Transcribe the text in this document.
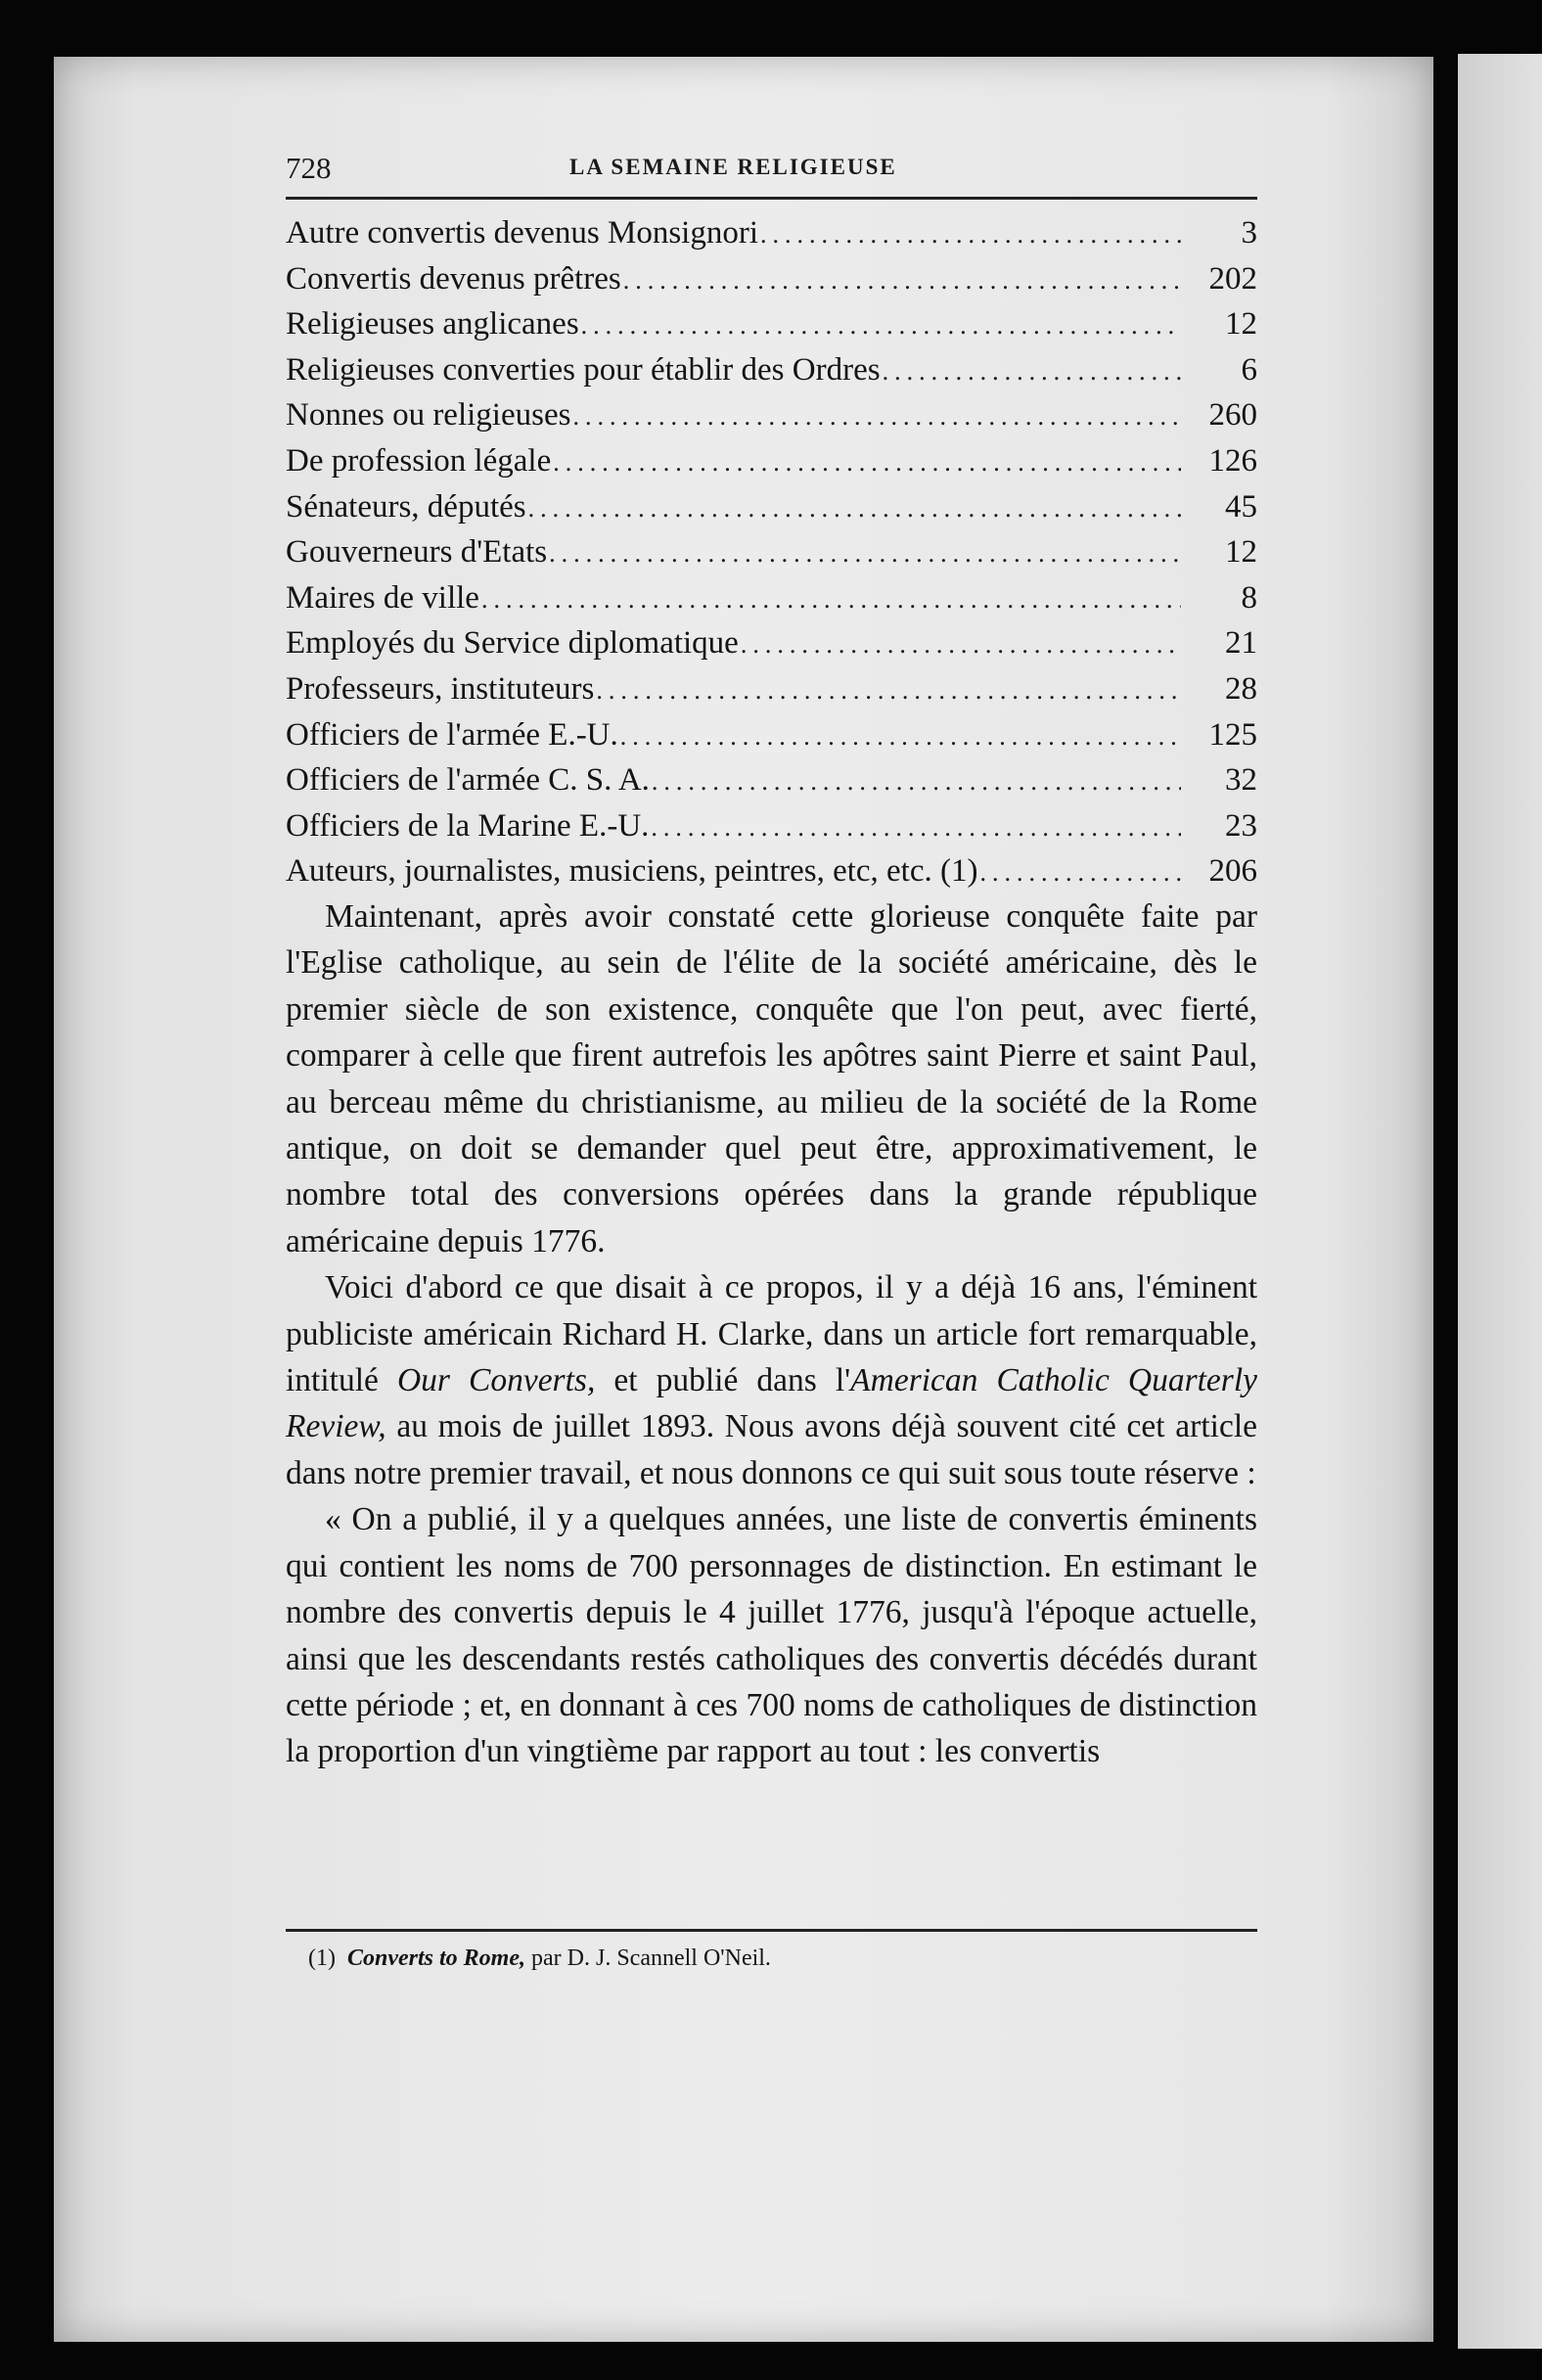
728	LA SEMAINE RELIGIEUSE
Autre convertis devenus Monsignori .....	3
Convertis devenus prêtres .....	202
Religieuses anglicanes .....	12
Religieuses converties pour établir des Ordres .....	6
Nonnes ou religieuses .....	260
De profession légale .....	126
Sénateurs, députés .....	45
Gouverneurs d'Etats .....	12
Maires de ville .....	8
Employés du Service diplomatique .....	21
Professeurs, instituteurs .....	28
Officiers de l'armée E.-U. .....	125
Officiers de l'armée C. S. A. .....	32
Officiers de la Marine E.-U. .....	23
Auteurs, journalistes, musiciens, peintres, etc, etc. (1) .....	206

Maintenant, après avoir constaté cette glorieuse conquête faite par l'Eglise catholique, au sein de l'élite de la société américaine, dès le premier siècle de son existence, conquête que l'on peut, avec fierté, comparer à celle que firent autrefois les apôtres saint Pierre et saint Paul, au berceau même du christianisme, au milieu de la société de la Rome antique, on doit se demander quel peut être, approximativement, le nombre total des conversions opérées dans la grande république américaine depuis 1776.

Voici d'abord ce que disait à ce propos, il y a déjà 16 ans, l'éminent publiciste américain Richard H. Clarke, dans un article fort remarquable, intitulé Our Converts, et publié dans l'American Catholic Quarterly Review, au mois de juillet 1893. Nous avons déjà souvent cité cet article dans notre premier travail, et nous donnons ce qui suit sous toute réserve :

« On a publié, il y a quelques années, une liste de convertis éminents qui contient les noms de 700 personnages de distinction. En estimant le nombre des convertis depuis le 4 juillet 1776, jusqu'à l'époque actuelle, ainsi que les descendants restés catholiques des convertis décédés durant cette période ; et, en donnant à ces 700 noms de catholiques de distinction la proportion d'un vingtième par rapport au tout : les convertis

(1) Converts to Rome, par D. J. Scannell O'Neil.
